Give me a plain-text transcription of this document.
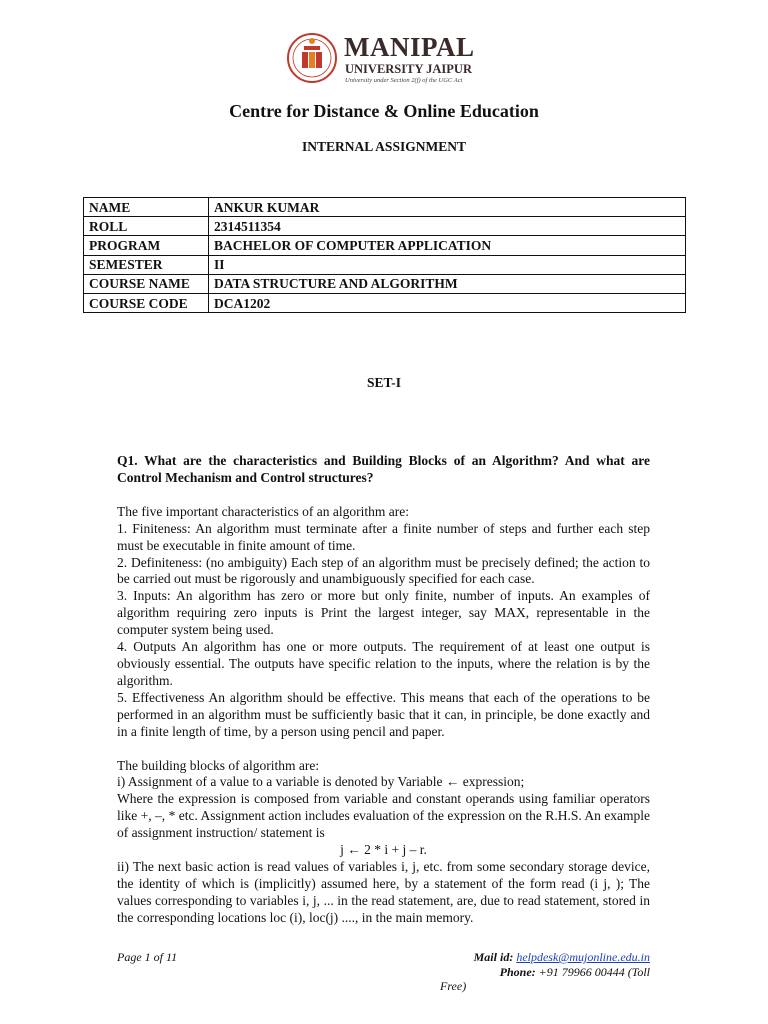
MANIPAL
UNIVERSITY JAIPUR
University under Section 2(f) of the UGC Act
Centre for Distance & Online Education
INTERNAL ASSIGNMENT
NAME	ANKUR KUMAR
ROLL	2314511354
PROGRAM	BACHELOR OF COMPUTER APPLICATION
SEMESTER	II
COURSE NAME	DATA STRUCTURE AND ALGORITHM
COURSE CODE	DCA1202
SET-I

Q1. What are the characteristics and Building Blocks of an Algorithm? And what are Control Mechanism and Control structures?

The five important characteristics of an algorithm are:

1. Finiteness: An algorithm must terminate after a finite number of steps and further each step must be executable in finite amount of time.

2. Definiteness: (no ambiguity) Each step of an algorithm must be precisely defined; the action to be carried out must be rigorously and unambiguously specified for each case.

3. Inputs: An algorithm has zero or more but only finite, number of inputs. An examples of algorithm requiring zero inputs is Print the largest integer, say MAX, representable in the computer system being used.

4. Outputs An algorithm has one or more outputs. The requirement of at least one output is obviously essential. The outputs have specific relation to the inputs, where the relation is by the algorithm.

5. Effectiveness An algorithm should be effective. This means that each of the operations to be performed in an algorithm must be sufficiently basic that it can, in principle, be done exactly and in a finite length of time, by a person using pencil and paper.

The building blocks of algorithm are:

i) Assignment of a value to a variable is denoted by Variable ← expression;

Where the expression is composed from variable and constant operands using familiar operators like +, –, * etc. Assignment action includes evaluation of the expression on the R.H.S. An example of assignment instruction/ statement is

j ← 2 * i + j – r.

ii) The next basic action is read values of variables i, j, etc. from some secondary storage device, the identity of which is (implicitly) assumed here, by a statement of the form read (i j, ); The values corresponding to variables i, j, ... in the read statement, are, due to read statement, stored in the corresponding locations loc (i), loc(j) ...., in the main memory.

Page 1 of 11	Mail id: helpdesk@mujonline.edu.in
Phone: +91 79966 00444 (Toll
Free)
